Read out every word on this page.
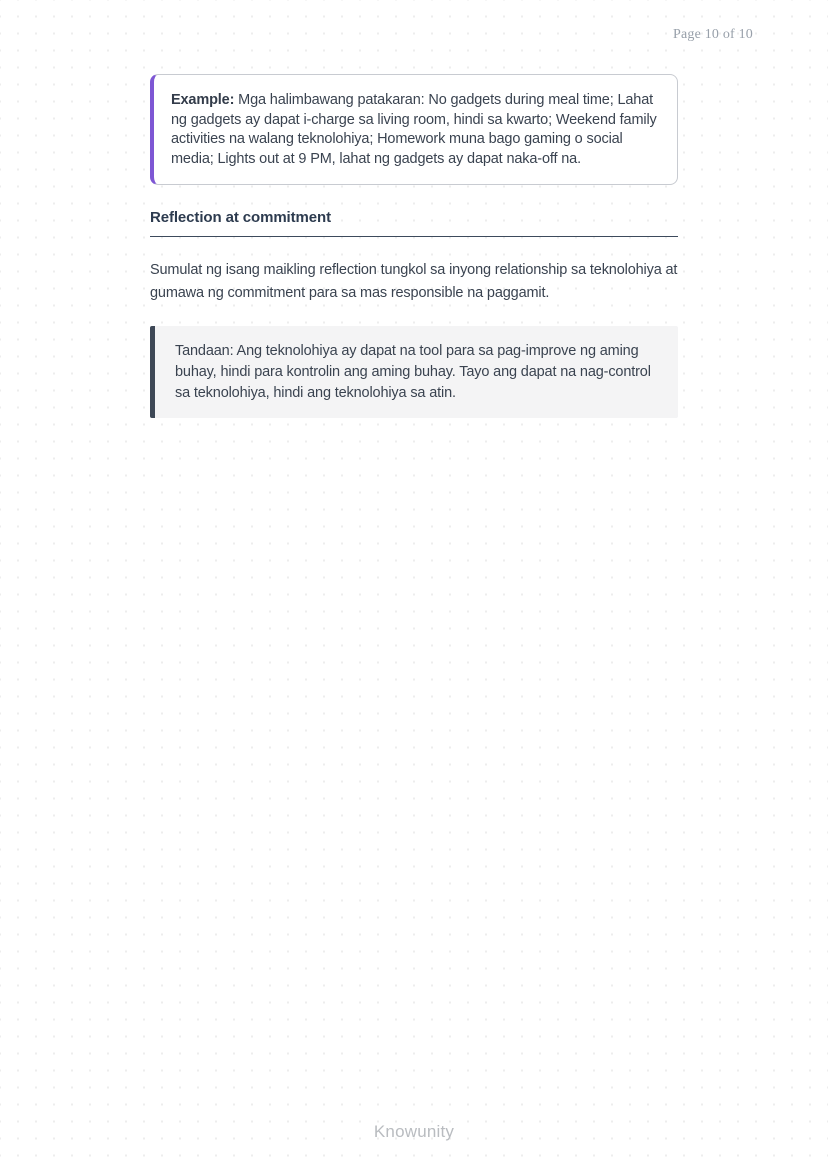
Page 10 of 10
Example: Mga halimbawang patakaran: No gadgets during meal time; Lahat ng gadgets ay dapat i-charge sa living room, hindi sa kwarto; Weekend family activities na walang teknolohiya; Homework muna bago gaming o social media; Lights out at 9 PM, lahat ng gadgets ay dapat naka-off na.
Reflection at commitment

Sumulat ng isang maikling reflection tungkol sa inyong relationship sa teknolohiya at gumawa ng commitment para sa mas responsible na paggamit.

Tandaan: Ang teknolohiya ay dapat na tool para sa pag-improve ng aming buhay, hindi para kontrolin ang aming buhay. Tayo ang dapat na nag-control sa teknolohiya, hindi ang teknolohiya sa atin.
Knowunity
